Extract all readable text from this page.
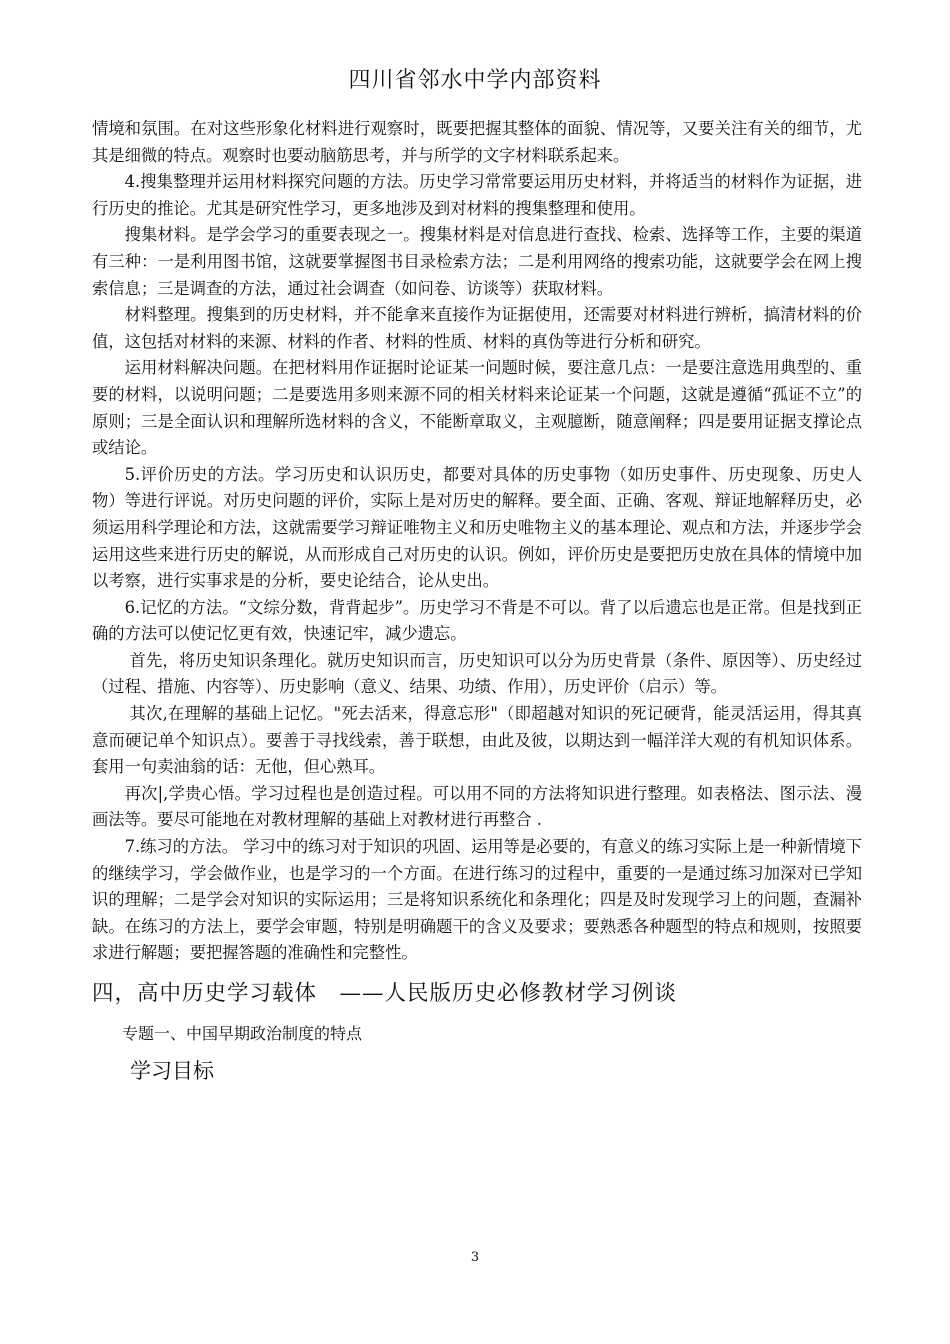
四川省邻水中学内部资料

情境和氛围。在对这些形象化材料进行观察时，既要把握其整体的面貌、情况等，又要关注有关的细节，尤其是细微的特点。观察时也要动脑筋思考，并与所学的文字材料联系起来。

4.搜集整理并运用材料探究问题的方法。历史学习常常要运用历史材料，并将适当的材料作为证据，进行历史的推论。尤其是研究性学习，更多地涉及到对材料的搜集整理和使用。

搜集材料。是学会学习的重要表现之一。搜集材料是对信息进行查找、检索、选择等工作，主要的渠道有三种：一是利用图书馆，这就要掌握图书目录检索方法；二是利用网络的搜索功能，这就要学会在网上搜索信息；三是调查的方法，通过社会调查（如问卷、访谈等）获取材料。

材料整理。搜集到的历史材料，并不能拿来直接作为证据使用，还需要对材料进行辨析，搞清材料的价值，这包括对材料的来源、材料的作者、材料的性质、材料的真伪等进行分析和研究。

运用材料解决问题。在把材料用作证据时论证某一问题时候，要注意几点：一是要注意选用典型的、重要的材料，以说明问题；二是要选用多则来源不同的相关材料来论证某一个问题，这就是遵循“孤证不立”的原则；三是全面认识和理解所选材料的含义，不能断章取义，主观臆断，随意阐释；四是要用证据支撑论点或结论。

5.评价历史的方法。学习历史和认识历史，都要对具体的历史事物（如历史事件、历史现象、历史人物）等进行评说。对历史问题的评价，实际上是对历史的解释。要全面、正确、客观、辩证地解释历史，必须运用科学理论和方法，这就需要学习辩证唯物主义和历史唯物主义的基本理论、观点和方法，并逐步学会运用这些来进行历史的解说，从而形成自己对历史的认识。例如，评价历史是要把历史放在具体的情境中加以考察，进行实事求是的分析，要史论结合，论从史出。

6.记忆的方法。“文综分数，背背起步”。历史学习不背是不可以。背了以后遗忘也是正常。但是找到正确的方法可以使记忆更有效，快速记牢，减少遗忘。

首先，将历史知识条理化。就历史知识而言，历史知识可以分为历史背景（条件、原因等）、历史经过（过程、措施、内容等）、历史影响（意义、结果、功绩、作用），历史评价（启示）等。

其次,在理解的基础上记忆。"死去活来，得意忘形"（即超越对知识的死记硬背，能灵活运用，得其真意而硬记单个知识点）。要善于寻找线索，善于联想，由此及彼，以期达到一幅洋洋大观的有机知识体系。套用一句卖油翁的话：无他，但心熟耳。

再次|,学贵心悟。学习过程也是创造过程。可以用不同的方法将知识进行整理。如表格法、图示法、漫画法等。要尽可能地在对教材理解的基础上对教材进行再整合 .

7.练习的方法。 学习中的练习对于知识的巩固、运用等是必要的，有意义的练习实际上是一种新情境下的继续学习，学会做作业，也是学习的一个方面。在进行练习的过程中，重要的一是通过练习加深对已学知识的理解；二是学会对知识的实际运用；三是将知识系统化和条理化；四是及时发现学习上的问题，查漏补缺。在练习的方法上，要学会审题，特别是明确题干的含义及要求；要熟悉各种题型的特点和规则，按照要求进行解题；要把握答题的准确性和完整性。

四，高中历史学习载体　——人民版历史必修教材学习例谈
专题一、中国早期政治制度的特点
学习目标
3
